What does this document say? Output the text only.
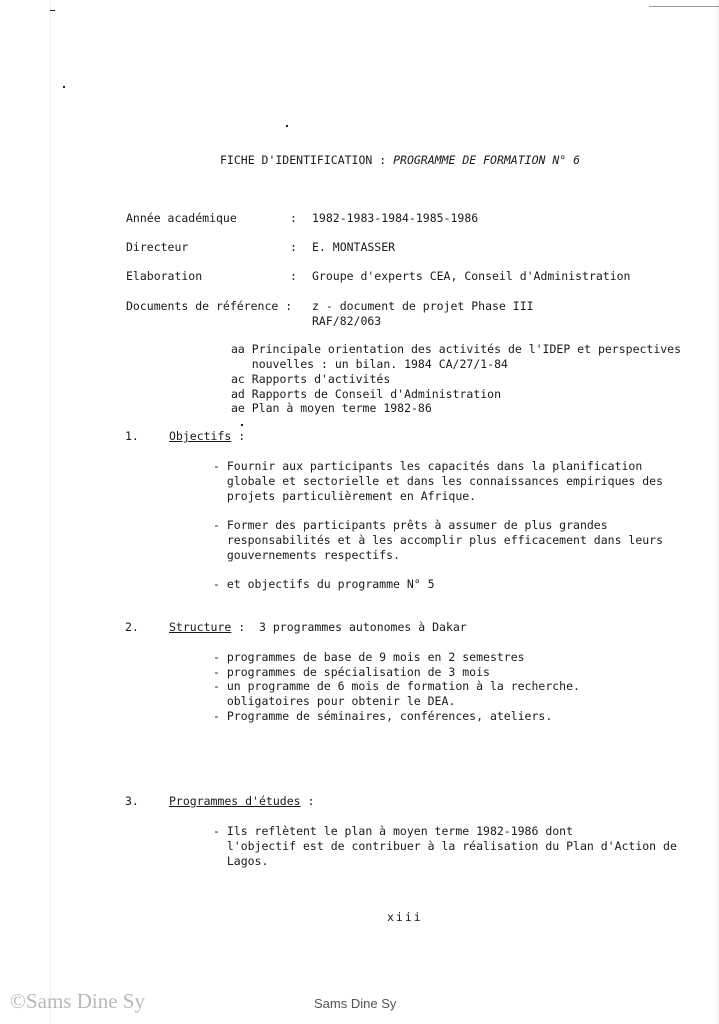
FICHE D'IDENTIFICATION : PROGRAMME DE FORMATION N° 6
Année académique	: 1982-1983-1984-1985-1986
Directeur	: E. MONTASSER
Elaboration	: Groupe d'experts CEA, Conseil d'Administration
Documents de référence : z - document de projet Phase III
RAF/82/063
aa Principale orientation des activités de l'IDEP et perspectives
nouvelles : un bilan. 1984 CA/27/1-84
ac Rapports d'activités
ad Rapports de Conseil d'Administration
ae Plan à moyen terme 1982-86
1.	Objectifs :
- Fournir aux participants les capacités dans la planification
globale et sectorielle et dans les connaissances empiriques des
projets particulièrement en Afrique.
- Former des participants prêts à assumer de plus grandes
responsabilités et à les accomplir plus efficacement dans leurs
gouvernements respectifs.
- et objectifs du programme N° 5
2.	Structure :  3 programmes autonomes à Dakar
- programmes de base de 9 mois en 2 semestres
- programmes de spécialisation de 3 mois
- un programme de 6 mois de formation à la recherche.
obligatoires pour obtenir le DEA.
- Programme de séminaires, conférences, ateliers.
3.	Programmes d'études :
- Ils reflètent le plan à moyen terme 1982-1986 dont
l'objectif est de contribuer à la réalisation du Plan d'Action de
Lagos.
xiii
©Sams Dine Sy	Sams Dine Sy
